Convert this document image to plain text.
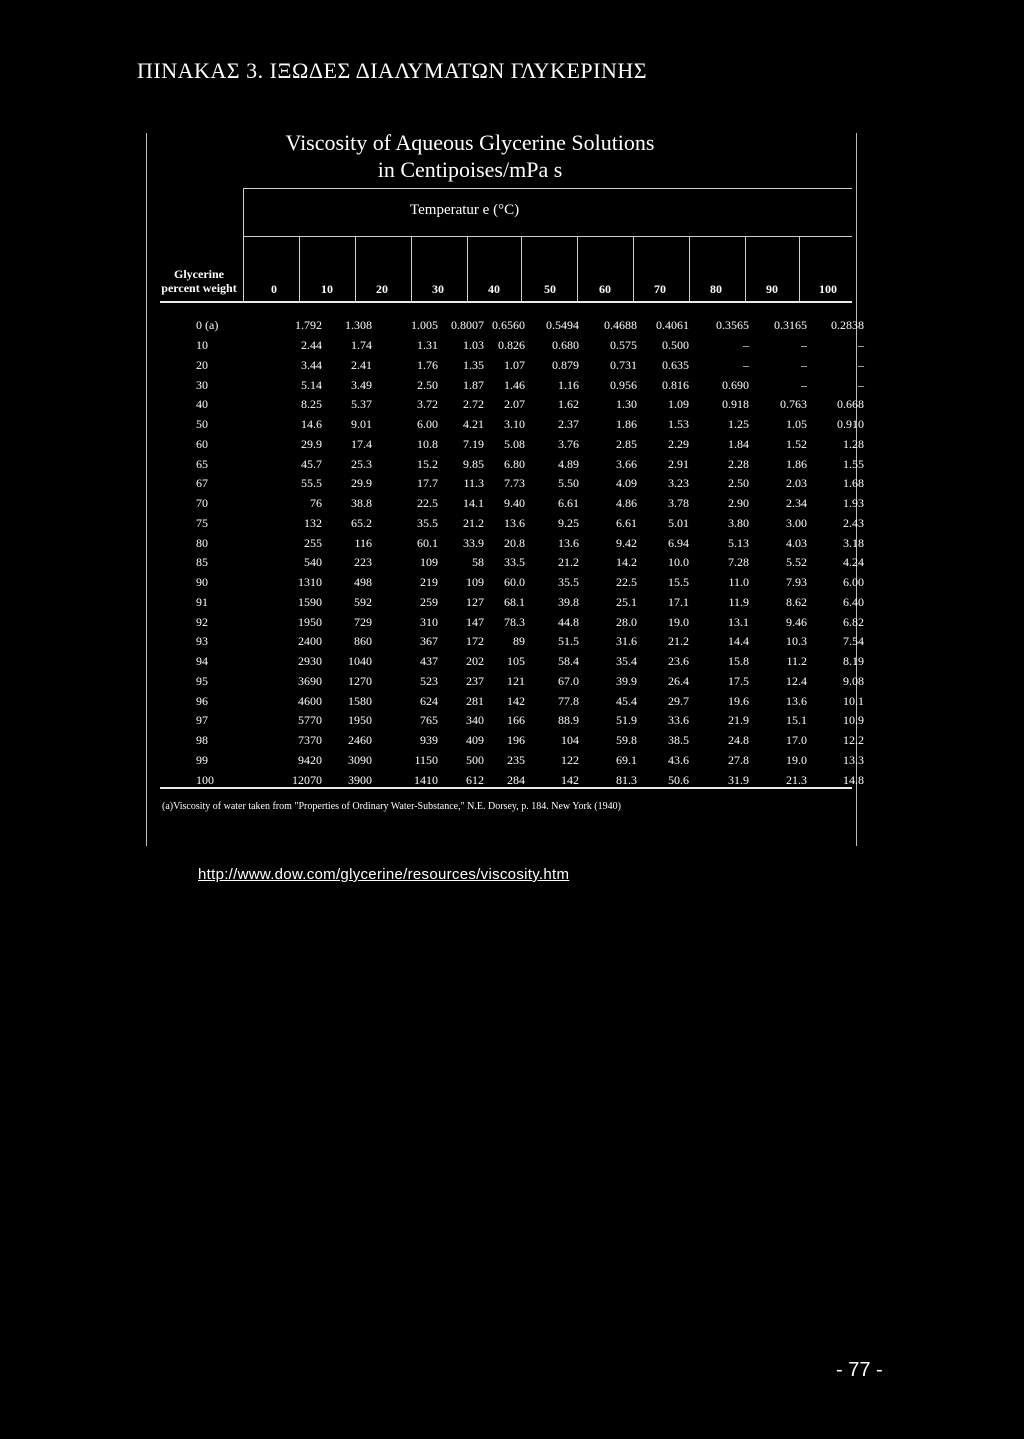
ΠΙΝΑΚΑΣ 3. ΙΞΩΔΕΣ ΔΙΑΛΥΜΑΤΩΝ ΓΛΥΚΕΡΙΝΗΣ
Viscosity of Aqueous Glycerine Solutions
in Centipoises/mPa s
Temperatur e (°C)
Glycerine percent weight	0	10	20	30	40	50	60	70	80	90	100
0 (a)	1.792	1.308	1.005	0.8007	0.6560	0.5494	0.4688	0.4061	0.3565	0.3165	0.2838
10	2.44	1.74	1.31	1.03	0.826	0.680	0.575	0.500	–	–	–
20	3.44	2.41	1.76	1.35	1.07	0.879	0.731	0.635	–	–	–
30	5.14	3.49	2.50	1.87	1.46	1.16	0.956	0.816	0.690	–	–
40	8.25	5.37	3.72	2.72	2.07	1.62	1.30	1.09	0.918	0.763	0.668
50	14.6	9.01	6.00	4.21	3.10	2.37	1.86	1.53	1.25	1.05	0.910
60	29.9	17.4	10.8	7.19	5.08	3.76	2.85	2.29	1.84	1.52	1.28
65	45.7	25.3	15.2	9.85	6.80	4.89	3.66	2.91	2.28	1.86	1.55
67	55.5	29.9	17.7	11.3	7.73	5.50	4.09	3.23	2.50	2.03	1.68
70	76	38.8	22.5	14.1	9.40	6.61	4.86	3.78	2.90	2.34	1.93
75	132	65.2	35.5	21.2	13.6	9.25	6.61	5.01	3.80	3.00	2.43
80	255	116	60.1	33.9	20.8	13.6	9.42	6.94	5.13	4.03	3.18
85	540	223	109	58	33.5	21.2	14.2	10.0	7.28	5.52	4.24
90	1310	498	219	109	60.0	35.5	22.5	15.5	11.0	7.93	6.00
91	1590	592	259	127	68.1	39.8	25.1	17.1	11.9	8.62	6.40
92	1950	729	310	147	78.3	44.8	28.0	19.0	13.1	9.46	6.82
93	2400	860	367	172	89	51.5	31.6	21.2	14.4	10.3	7.54
94	2930	1040	437	202	105	58.4	35.4	23.6	15.8	11.2	8.19
95	3690	1270	523	237	121	67.0	39.9	26.4	17.5	12.4	9.08
96	4600	1580	624	281	142	77.8	45.4	29.7	19.6	13.6	10.1
97	5770	1950	765	340	166	88.9	51.9	33.6	21.9	15.1	10.9
98	7370	2460	939	409	196	104	59.8	38.5	24.8	17.0	12.2
99	9420	3090	1150	500	235	122	69.1	43.6	27.8	19.0	13.3
100	12070	3900	1410	612	284	142	81.3	50.6	31.9	21.3	14.8
(a)Viscosity of water taken from "Properties of Ordinary Water-Substance," N.E. Dorsey, p. 184. New York (1940)
http://www.dow.com/glycerine/resources/viscosity.htm
- 77 -
